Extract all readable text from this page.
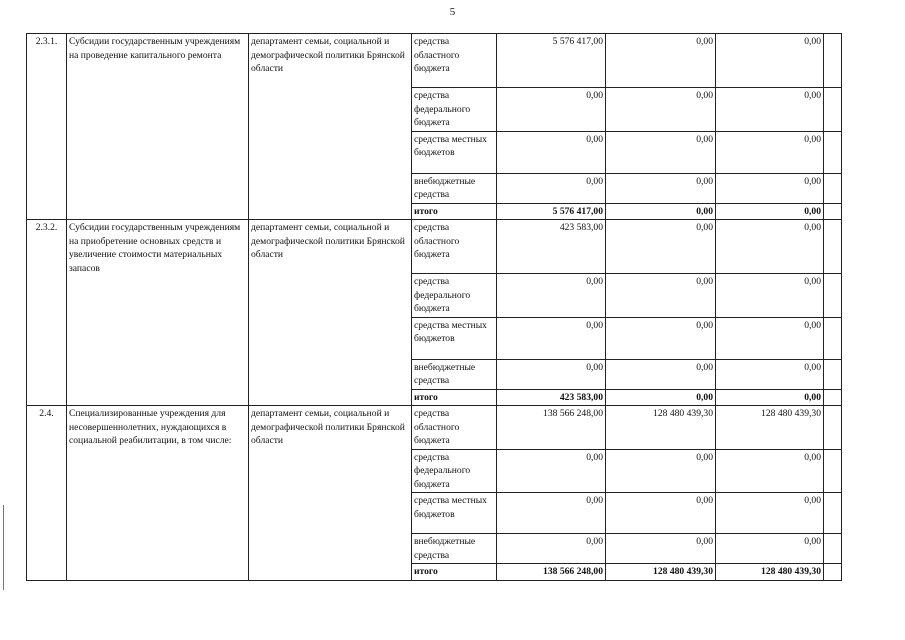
5
2.3.1.	Субсидии государственным учреждениям на проведение капитального ремонта	департамент семьи, социальной и демографической политики Брянской области	средства областного бюджета	5 576 417,00	0,00	0,00	
			средства федерального бюджета	0,00	0,00	0,00	
			средства местных бюджетов	0,00	0,00	0,00	
			внебюджетные средства	0,00	0,00	0,00	
			итого	5 576 417,00	0,00	0,00	
2.3.2.	Субсидии государственным учреждениям на приобретение основных средств и увеличение стоимости материальных запасов	департамент семьи, социальной и демографической политики Брянской области	средства областного бюджета	423 583,00	0,00	0,00	
			средства федерального бюджета	0,00	0,00	0,00	
			средства местных бюджетов	0,00	0,00	0,00	
			внебюджетные средства	0,00	0,00	0,00	
			итого	423 583,00	0,00	0,00	
2.4.	Специализированные учреждения для несовершеннолетних, нуждающихся в социальной реабилитации, в том числе:	департамент семьи, социальной и демографической политики Брянской области	средства областного бюджета	138 566 248,00	128 480 439,30	128 480 439,30	
			средства федерального бюджета	0,00	0,00	0,00	
			средства местных бюджетов	0,00	0,00	0,00	
			внебюджетные средства	0,00	0,00	0,00	
			итого	138 566 248,00	128 480 439,30	128 480 439,30	
